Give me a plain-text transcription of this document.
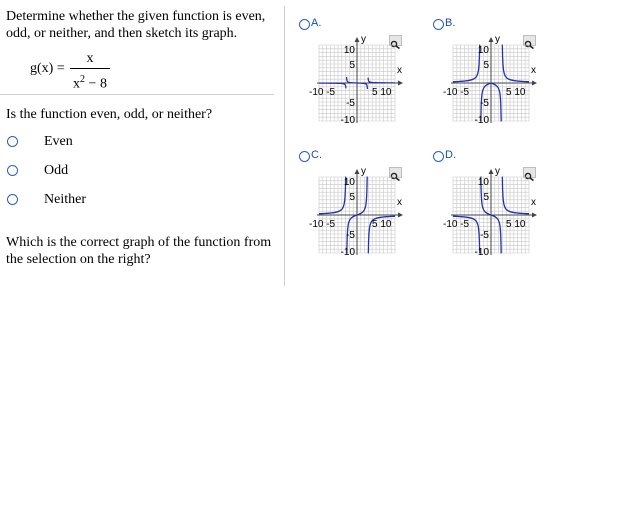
Determine whether the given function is even, odd, or neither, and then sketch its graph.
g(x) =
x
$x^2 - 8$
Is the function even, odd, or neither?
Even
Odd
Neither
Which is the correct graph of the function from the selection on the right?
A.
y
x
10
5
-10 -5	5 10
-5
-10
B.
y
x
10
5
-10 -5	5 10
-5
-10
C.
y
x
10
5
-10 -5	5 10
-5
-10
D.
y
x
10
5
-10 -5	5 10
-5
-10
